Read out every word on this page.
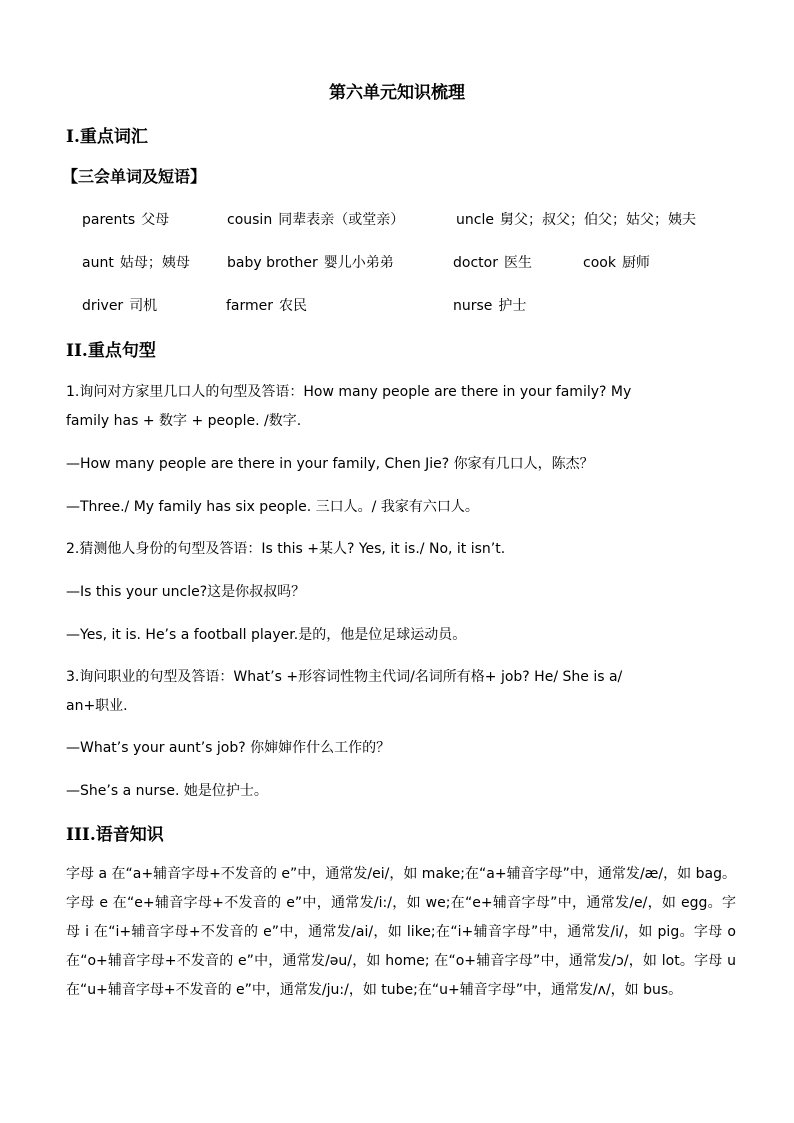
第六单元知识梳理
I.重点词汇
【三会单词及短语】
parents 父母	cousin 同辈表亲（或堂亲）	uncle 舅父；叔父；伯父；姑父；姨夫
aunt 姑母；姨母	baby brother 婴儿小弟弟	doctor 医生	cook 厨师
driver 司机	farmer 农民	nurse 护士
II.重点句型
1.询问对方家里几口人的句型及答语：How many people are there in your family? My
family has + 数字 + people. /数字.
—How many people are there in your family, Chen Jie? 你家有几口人，陈杰？
—Three./ My family has six people. 三口人。/ 我家有六口人。
2.猜测他人身份的句型及答语：Is this +某人? Yes, it is./ No, it isn’t.
—Is this your uncle?这是你叔叔吗？
—Yes, it is. He’s a football player.是的，他是位足球运动员。
3.询问职业的句型及答语：What’s +形容词性物主代词/名词所有格+ job? He/ She is a/
an+职业.
—What’s your aunt’s job? 你婶婶作什么工作的？
—She’s a nurse. 她是位护士。
III.语音知识
字母 a 在“a+辅音字母+不发音的 e”中，通常发/ei/，如 make;在“a+辅音字母”中，通常发/æ/，如 bag。字母 e 在“e+辅音字母+不发音的 e”中，通常发/i:/，如 we;在“e+辅音字母”中，通常发/e/，如 egg。字母 i 在“i+辅音字母+不发音的 e”中，通常发/ai/，如 like;在“i+辅音字母”中，通常发/i/，如 pig。字母 o 在“o+辅音字母+不发音的 e”中，通常发/əu/，如 home; 在“o+辅音字母”中，通常发/ɔ/，如 lot。字母 u 在“u+辅音字母+不发音的 e”中，通常发/ju:/，如 tube;在“u+辅音字母”中，通常发/ʌ/，如 bus。
